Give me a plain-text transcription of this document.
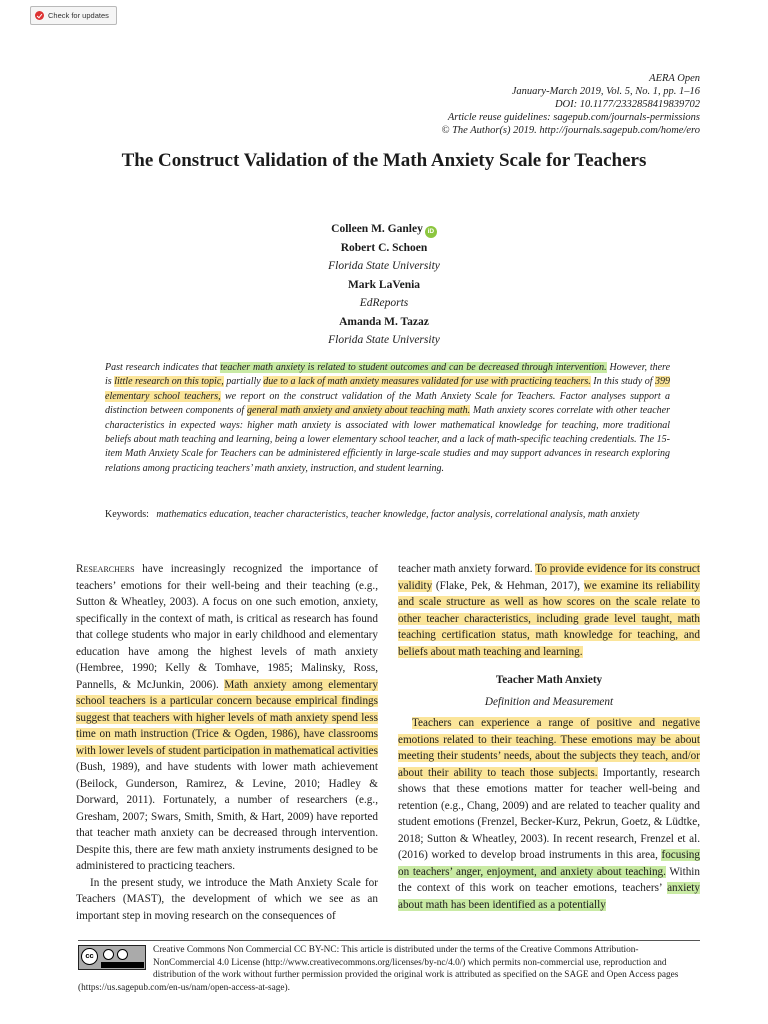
Check for updates
AERA Open
January-March 2019, Vol. 5, No. 1, pp. 1–16
DOI: 10.1177/2332858419839702
Article reuse guidelines: sagepub.com/journals-permissions
© The Author(s) 2019. http://journals.sagepub.com/home/ero
The Construct Validation of the Math Anxiety Scale for Teachers
Colleen M. Ganley iD
Robert C. Schoen
Florida State University
Mark LaVenia
EdReports
Amanda M. Tazaz
Florida State University
Past research indicates that teacher math anxiety is related to student outcomes and can be decreased through intervention. However, there is little research on this topic, partially due to a lack of math anxiety measures validated for use with practicing teachers. In this study of 399 elementary school teachers, we report on the construct validation of the Math Anxiety Scale for Teachers. Factor analyses support a distinction between components of general math anxiety and anxiety about teaching math. Math anxiety scores correlate with other teacher characteristics in expected ways: higher math anxiety is associated with lower mathematical knowledge for teaching, more traditional beliefs about math teaching and learning, being a lower elementary school teacher, and a lack of math-specific teaching credentials. The 15-item Math Anxiety Scale for Teachers can be administered efficiently in large-scale studies and may support advances in research exploring relations among practicing teachers’ math anxiety, instruction, and student learning.
Keywords: mathematics education, teacher characteristics, teacher knowledge, factor analysis, correlational analysis, math anxiety

Researchers have increasingly recognized the importance of teachers’ emotions for their well-being and their teaching (e.g., Sutton & Wheatley, 2003). A focus on one such emotion, anxiety, specifically in the context of math, is critical as research has found that college students who major in early childhood and elementary education have among the highest levels of math anxiety (Hembree, 1990; Kelly & Tomhave, 1985; Malinsky, Ross, Pannells, & McJunkin, 2006). Math anxiety among elementary school teachers is a particular concern because empirical findings suggest that teachers with higher levels of math anxiety spend less time on math instruction (Trice & Ogden, 1986), have classrooms with lower levels of student participation in mathematical activities (Bush, 1989), and have students with lower math achievement (Beilock, Gunderson, Ramirez, & Levine, 2010; Hadley & Dorward, 2011). Fortunately, a number of researchers (e.g., Gresham, 2007; Swars, Smith, Smith, & Hart, 2009) have reported that teacher math anxiety can be decreased through intervention. Despite this, there are few math anxiety instruments designed to be administered to practicing teachers.

In the present study, we introduce the Math Anxiety Scale for Teachers (MAST), the development of which we see as an important step in moving research on the consequences of

teacher math anxiety forward. To provide evidence for its construct validity (Flake, Pek, & Hehman, 2017), we examine its reliability and scale structure as well as how scores on the scale relate to other teacher characteristics, including grade level taught, math teaching certification status, math knowledge for teaching, and beliefs about math teaching and learning.

Teacher Math Anxiety
Definition and Measurement

Teachers can experience a range of positive and negative emotions related to their teaching. These emotions may be about meeting their students’ needs, about the subjects they teach, and/or about their ability to teach those subjects. Importantly, research shows that these emotions matter for teacher well-being and retention (e.g., Chang, 2009) and are related to teacher quality and student emotions (Frenzel, Becker-Kurz, Pekrun, Goetz, & Lüdtke, 2018; Sutton & Wheatley, 2003). In recent research, Frenzel et al. (2016) worked to develop broad instruments in this area, focusing on teachers’ anger, enjoyment, and anxiety about teaching. Within the context of this work on teacher emotions, teachers’ anxiety about math has been identified as a potentially

cc
Creative Commons Non Commercial CC BY-NC: This article is distributed under the terms of the Creative Commons Attribution-NonCommercial 4.0 License (http://www.creativecommons.org/licenses/by-nc/4.0/) which permits non-commercial use, reproduction and distribution of the work without further permission provided the original work is attributed as specified on the SAGE and Open Access pages (https://us.sagepub.com/en-us/nam/open-access-at-sage).
